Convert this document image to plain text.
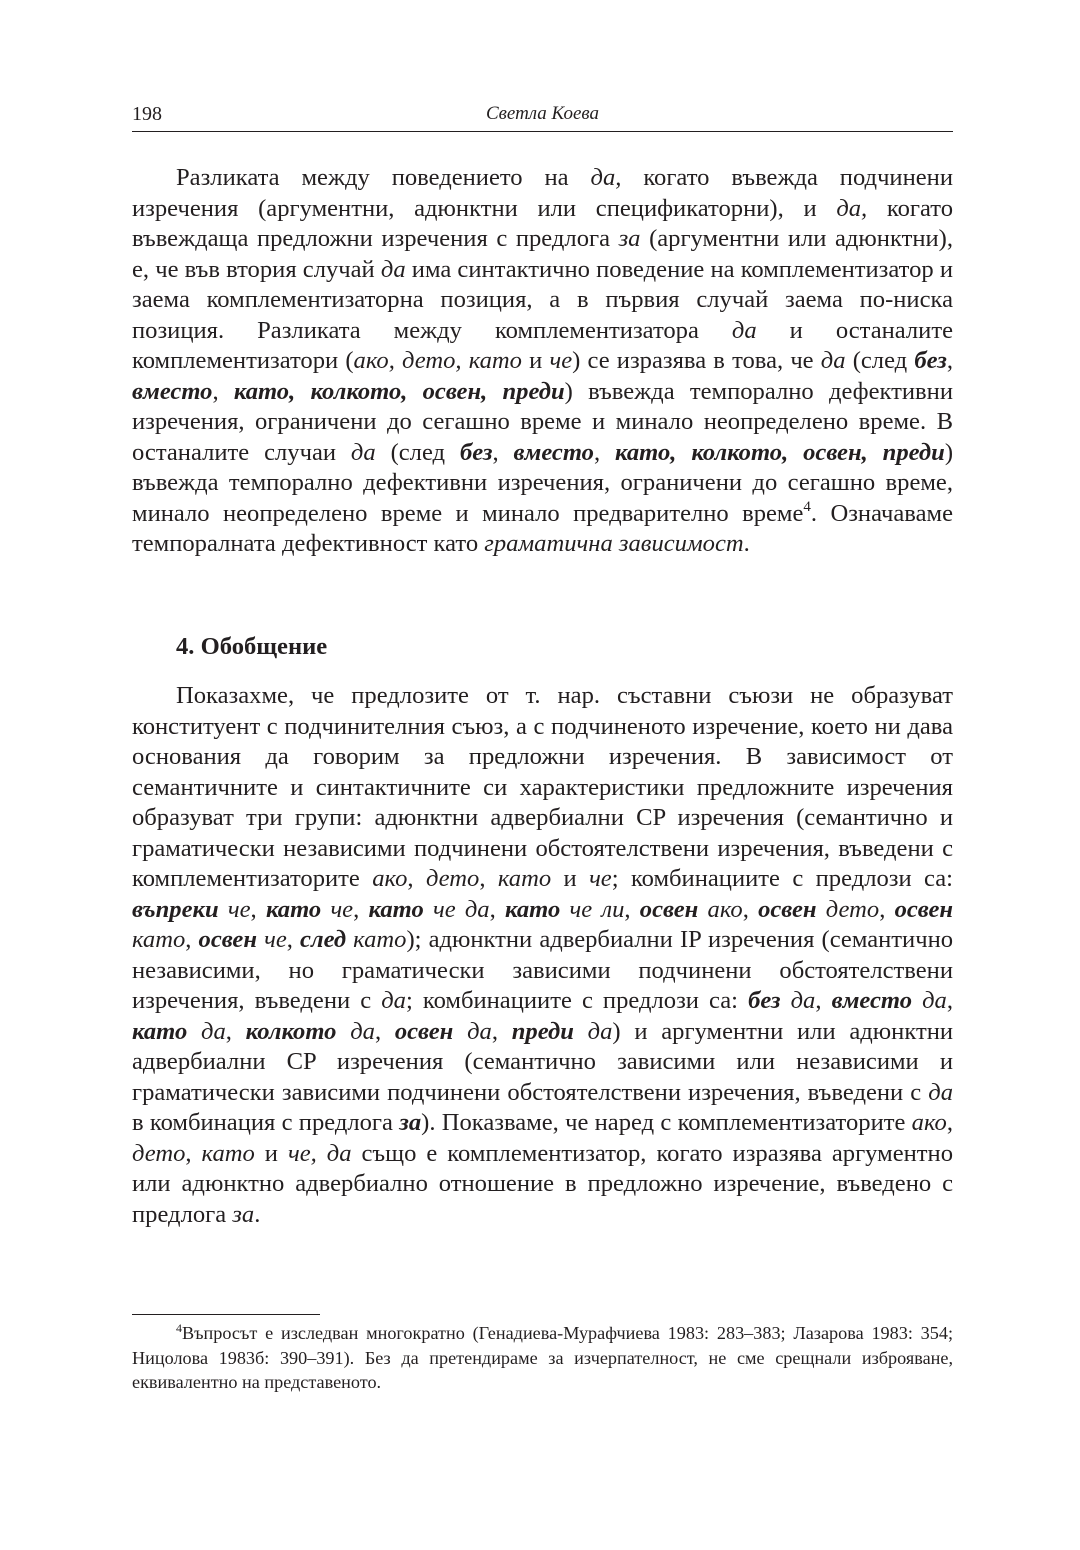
198	Светла Коева

Разликата между поведението на да, когато въвежда подчинени изречения (аргументни, адюнктни или спецификаторни), и да, когато въвеждаща предложни изречения с предлога за (аргументни или адюнктни), е, че във втория случай да има синтактично поведение на комплементизатор и заема комплементизаторна позиция, а в първия случай заема по-ниска позиция. Разликата между комплементизатора да и останалите комплементизатори (ако, дето, като и че) се изразява в това, че да (след без, вместо, като, колкото, освен, преди) въвежда темпорално дефективни изречения, ограничени до сегашно време и минало неопределено време. В останалите случаи да (след без, вместо, като, колкото, освен, преди) въвежда темпорално дефективни изречения, ограничени до сегашно време, минало неопределено време и минало предварително време$^4$. Означаваме темпоралната дефективност като граматична зависимост.

4. Обобщение

Показахме, че предлозите от т. нар. съставни съюзи не образуват конституент с подчинителния съюз, а с подчиненото изречение, което ни дава основания да говорим за предложни изречения. В зависимост от семантичните и синтактичните си характеристики предложните изречения образуват три групи: адюнктни адвербиални CP изречения (семантично и граматически независими подчинени обстоятелствени изречения, въведени с комплементизаторите ако, дето, като и че; комбинациите с предлози са: въпреки че, като че, като че да, като че ли, освен ако, освен дето, освен като, освен че, след като); адюнктни адвербиални IP изречения (семантично независими, но граматически зависими подчинени обстоятелствени изречения, въведени с да; комбинациите с предлози са: без да, вместо да, като да, колкото да, освен да, преди да) и аргументни или адюнктни адвербиални CP изречения (семантично зависими или независими и граматически зависими подчинени обстоятелствени изречения, въведени с да в комбинация с предлога за). Показваме, че наред с комплементизаторите ако, дето, като и че, да също е комплементизатор, когато изразява аргументно или адюнктно адвербиално отношение в предложно изречение, въведено с предлога за.

$^4$Въпросът е изследван многократно (Генадиева-Мурафчиева 1983: 283–383; Лазарова 1983: 354; Ницолова 1983б: 390–391). Без да претендираме за изчерпателност, не сме срещнали изброяване, еквивалентно на представеното.
